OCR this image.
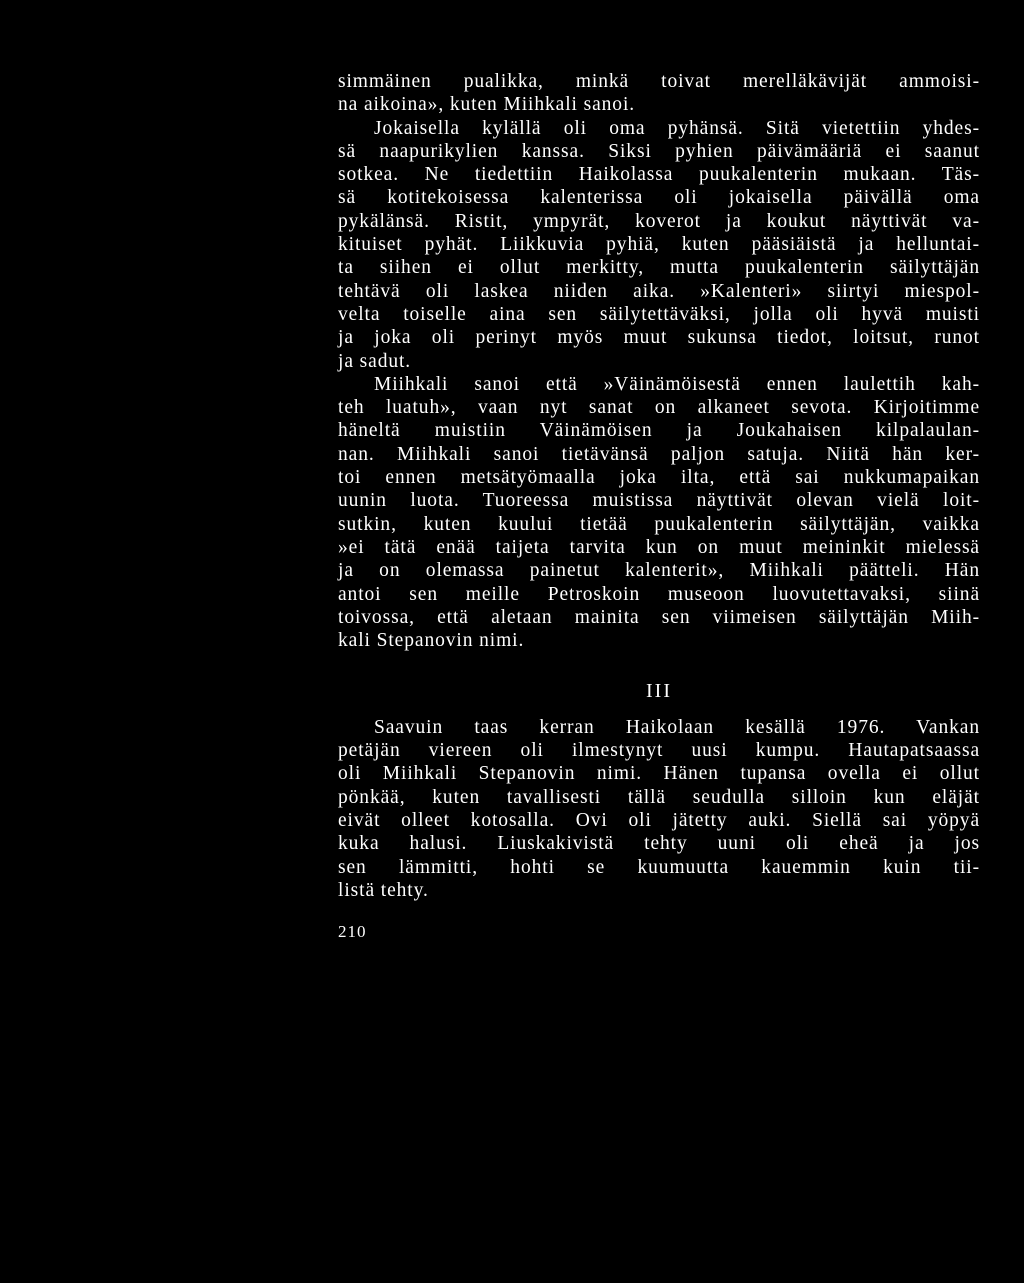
simmäinen pualikka, minkä toivat merelläkävijät ammoisi-
na aikoina», kuten Miihkali sanoi.
Jokaisella kylällä oli oma pyhänsä. Sitä vietettiin yhdes-
sä naapurikylien kanssa. Siksi pyhien päivämääriä ei saanut
sotkea. Ne tiedettiin Haikolassa puukalenterin mukaan. Täs-
sä kotitekoisessa kalenterissa oli jokaisella päivällä oma
pykälänsä. Ristit, ympyrät, koverot ja koukut näyttivät va-
kituiset pyhät. Liikkuvia pyhiä, kuten pääsiäistä ja helluntai-
ta siihen ei ollut merkitty, mutta puukalenterin säilyttäjän
tehtävä oli laskea niiden aika. »Kalenteri» siirtyi miespol-
velta toiselle aina sen säilytettäväksi, jolla oli hyvä muisti
ja joka oli perinyt myös muut sukunsa tiedot, loitsut, runot
ja sadut.
Miihkali sanoi että »Väinämöisestä ennen laulettih kah-
teh luatuh», vaan nyt sanat on alkaneet sevota. Kirjoitimme
häneltä muistiin Väinämöisen ja Joukahaisen kilpalaulan-
nan. Miihkali sanoi tietävänsä paljon satuja. Niitä hän ker-
toi ennen metsätyömaalla joka ilta, että sai nukkumapaikan
uunin luota. Tuoreessa muistissa näyttivät olevan vielä loit-
sutkin, kuten kuului tietää puukalenterin säilyttäjän, vaikka
»ei tätä enää taijeta tarvita kun on muut meininkit mielessä
ja on olemassa painetut kalenterit», Miihkali päätteli. Hän
antoi sen meille Petroskoin museoon luovutettavaksi, siinä
toivossa, että aletaan mainita sen viimeisen säilyttäjän Miih-
kali Stepanovin nimi.
III
Saavuin taas kerran Haikolaan kesällä 1976. Vankan
petäjän viereen oli ilmestynyt uusi kumpu. Hautapatsaassa
oli Miihkali Stepanovin nimi. Hänen tupansa ovella ei ollut
pönkää, kuten tavallisesti tällä seudulla silloin kun eläjät
eivät olleet kotosalla. Ovi oli jätetty auki. Siellä sai yöpyä
kuka halusi. Liuskakivistä tehty uuni oli eheä ja jos
sen lämmitti, hohti se kuumuutta kauemmin kuin tii-
listä tehty.
210
